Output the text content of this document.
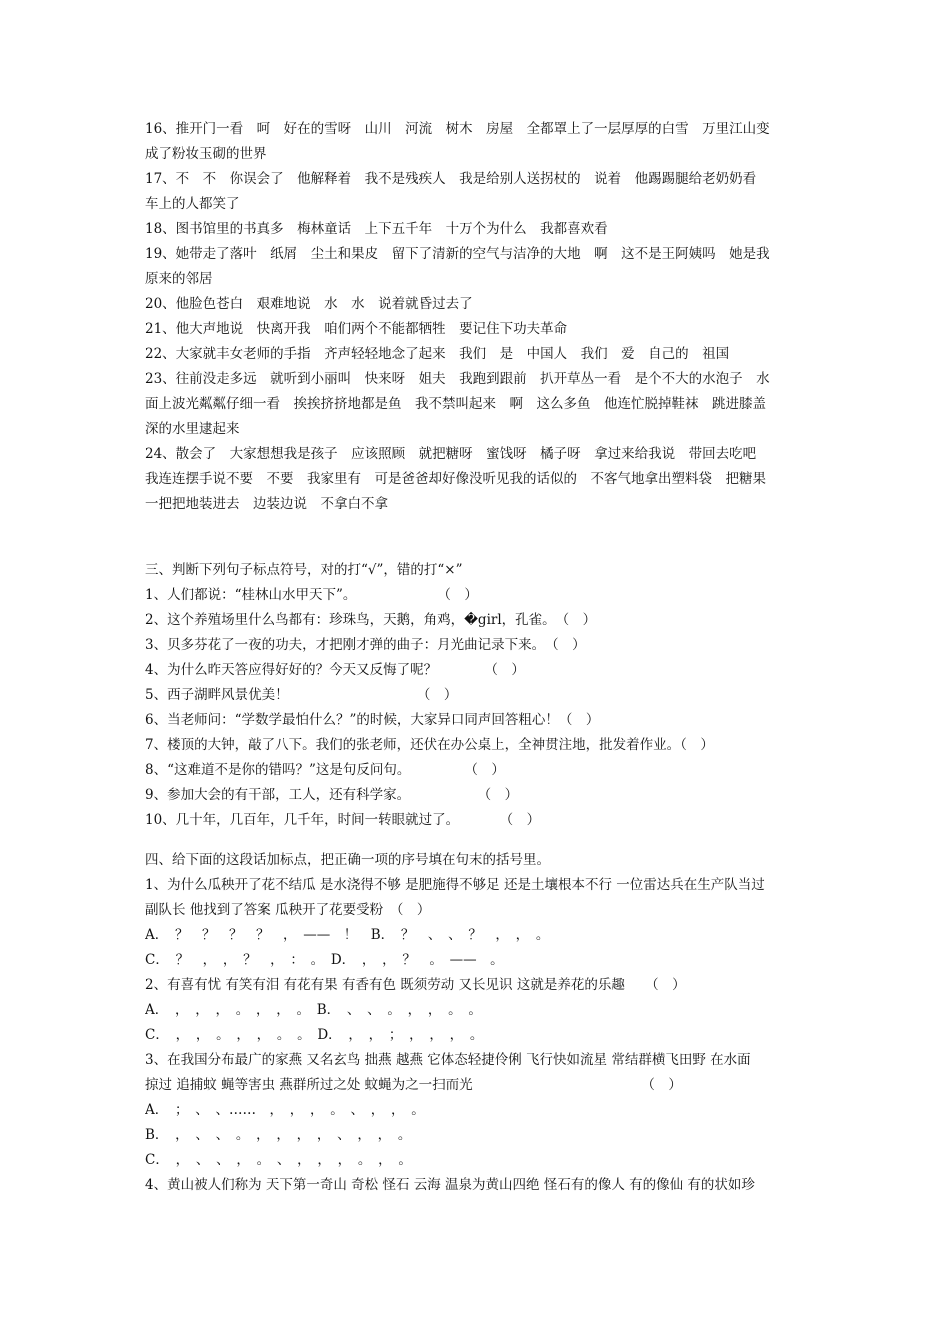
16、推开门一看　呵　好在的雪呀　山川　河流　树木　房屋　全都罩上了一层厚厚的白雪　万里江山变
成了粉妆玉砌的世界
17、不　不　你误会了　他解释着　我不是残疾人　我是给别人送拐杖的　说着　他踢踢腿给老奶奶看
车上的人都笑了
18、图书馆里的书真多　梅林童话　上下五千年　十万个为什么　我都喜欢看
19、她带走了落叶　纸屑　尘土和果皮　留下了清新的空气与洁净的大地　啊　这不是王阿姨吗　她是我
原来的邻居
20、他脸色苍白　艰难地说　水　水　说着就昏过去了
21、他大声地说　快离开我　咱们两个不能都牺牲　要记住下功夫革命
22、大家就丰女老师的手指　齐声轻轻地念了起来　我们　是　中国人　我们　爱　自己的　祖国
23、往前没走多远　就听到小丽叫　快来呀　姐夫　我跑到跟前　扒开草丛一看　是个不大的水泡子　水
面上波光粼粼仔细一看　挨挨挤挤地都是鱼　我不禁叫起来　啊　这么多鱼　他连忙脱掉鞋袜　跳进膝盖
深的水里逮起来
24、散会了　大家想想我是孩子　应该照顾　就把糖呀　蜜饯呀　橘子呀　拿过来给我说　带回去吃吧
我连连摆手说不要　不要　我家里有　可是爸爸却好像没听见我的话似的　不客气地拿出塑料袋　把糖果
一把把地装进去　边装边说　不拿白不拿
三、判断下列句子标点符号，对的打“√”，错的打“×”
1、人们都说：“桂林山水甲天下”。　　　　　　　（　）
2、这个养殖场里什么鸟都有：珍珠鸟，天鹅，角鸡，�girl，孔雀。　（　）
3、贝多芬花了一夜的功夫，才把刚才弹的曲子：月光曲记录下来。　（　）
4、为什么昨天答应得好好的？今天又反悔了呢？　　　　（　）
5、西子湖畔风景优美！　　　　　　　　　　（　）
6、当老师问：“学数学最怕什么？”的时候，大家异口同声回答粗心！（　）
7、楼顶的大钟，敲了八下。我们的张老师，还伏在办公桌上，全神贯注地，批发着作业。（　）
8、“这难道不是你的错吗？”这是句反问句。　　　　　（　）
9、参加大会的有干部，工人，还有科学家。　　　　　　（　）
10、几十年，几百年，几千年，时间一转眼就过了。　　　　（　）
四、给下面的这段话加标点，把正确一项的序号填在句末的括号里。
1、为什么瓜秧开了花不结瓜 是水浇得不够 是肥施得不够足 还是土壤根本不行 一位雷达兵在生产队当过
副队长 他找到了答案 瓜秧开了花要受粉　（　）
A．　？　？　？　？　，　——　！　B．　？　、　、　？　，　，　。
C．　？　，　，　？　，　：　。　D．　，　，　？　。　——　。
2、有喜有忧 有笑有泪 有花有果 有香有色 既须劳动 又长见识 这就是养花的乐趣　　（　）
A．　，　，　，　。　，　，　。　B．　、　、　。　，　，　。　。
C．　，　，　。　，　，　。　。　D．　，　，　；　，　，　，　。
3、在我国分布最广的家燕 又名玄鸟 拙燕 越燕 它体态轻捷伶俐 飞行快如流星 常结群横飞田野 在水面
掠过 追捕蚊 蝇等害虫 燕群所过之处 蚊蝇为之一扫而光　　　　　　　　　　　　　（　）
A．　；　、　、……　，　，　，　。　、　，　，　。
B．　，　、　、　。　，　，　，　，　、　，　，　。
C．　，　、　、　，　。　、　，　，　，　。　，　。
4、黄山被人们称为 天下第一奇山 奇松 怪石 云海 温泉为黄山四绝 怪石有的像人 有的像仙 有的状如珍
